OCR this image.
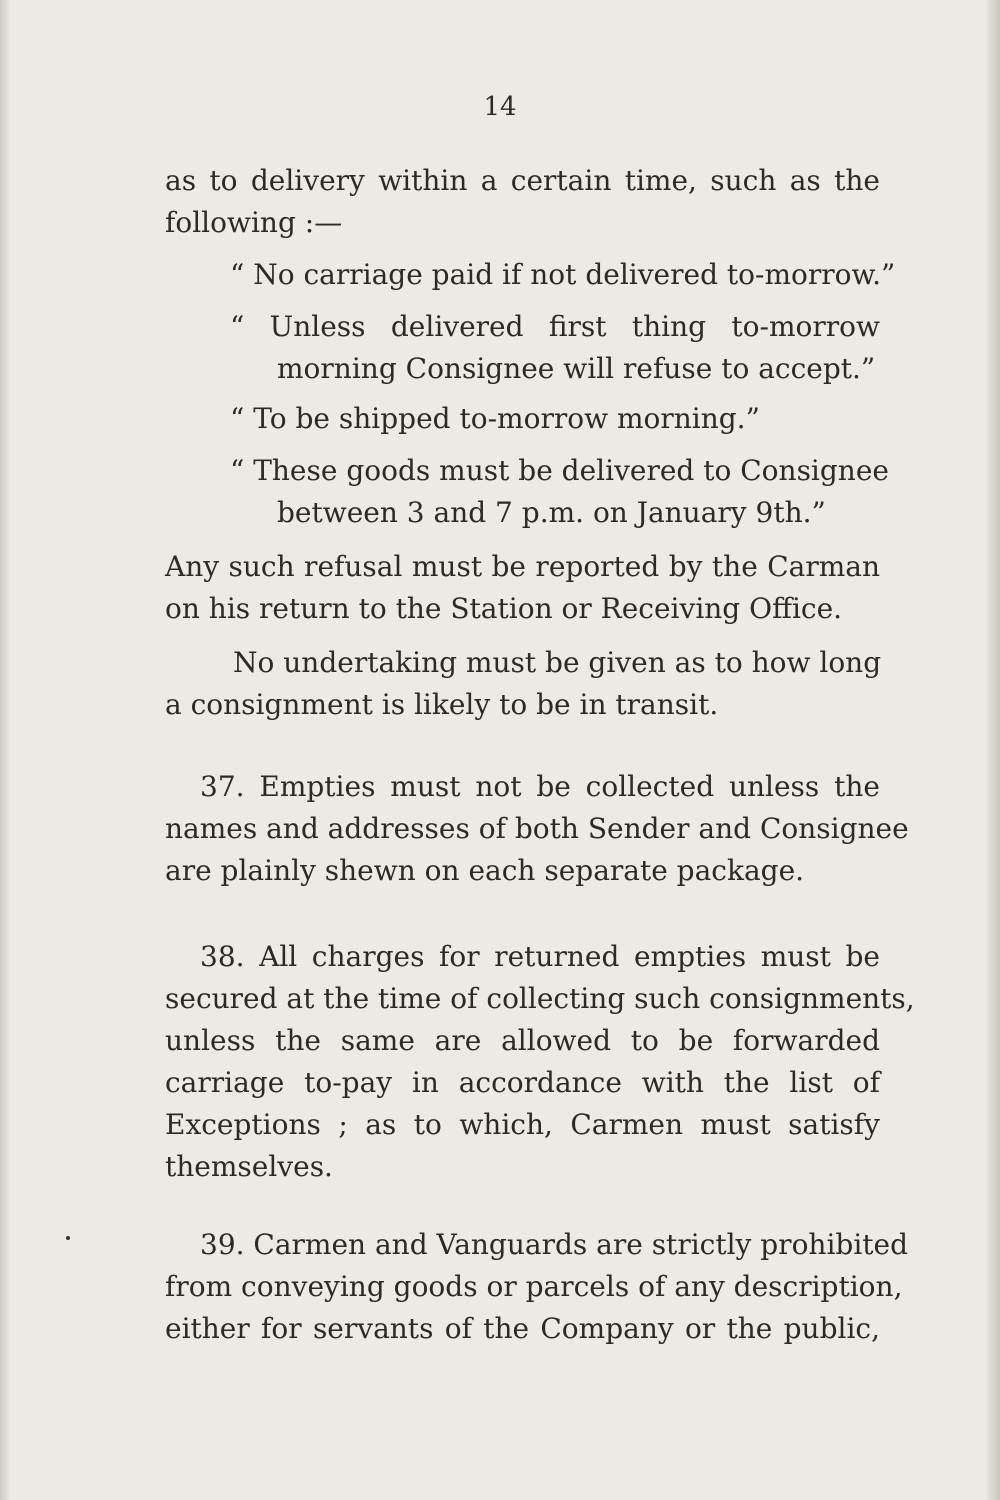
14

as to delivery within a certain time, such as the
following :—
“ No carriage paid if not delivered to-morrow.”
“ Unless delivered first thing to-morrow
morning Consignee will refuse to accept.”
“ To be shipped to-morrow morning.”
“ These goods must be delivered to Consignee
between 3 and 7 p.m. on January 9th.”
Any such refusal must be reported by the Carman
on his return to the Station or Receiving Office.
No undertaking must be given as to how long
a consignment is likely to be in transit.
37. Empties must not be collected unless the
names and addresses of both Sender and Consignee
are plainly shewn on each separate package.
38. All charges for returned empties must be
secured at the time of collecting such consignments,
unless the same are allowed to be forwarded
carriage to-pay in accordance with the list of
Exceptions ; as to which, Carmen must satisfy
themselves.
39. Carmen and Vanguards are strictly prohibited
from conveying goods or parcels of any description,
either for servants of the Company or the public,
